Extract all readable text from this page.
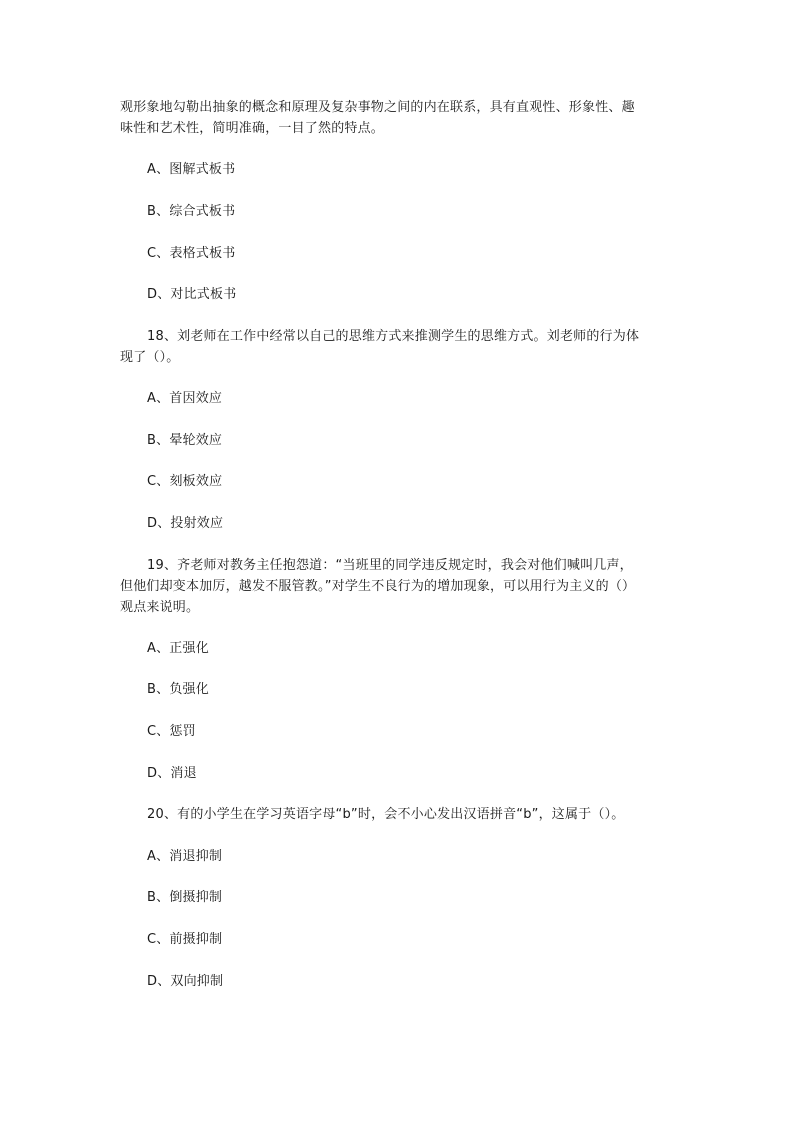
观形象地勾勒出抽象的概念和原理及复杂事物之间的内在联系，具有直观性、形象性、趣
味性和艺术性，简明准确，一目了然的特点。
A、图解式板书
B、综合式板书
C、表格式板书
D、对比式板书
18、刘老师在工作中经常以自己的思维方式来推测学生的思维方式。刘老师的行为体
现了（）。
A、首因效应
B、晕轮效应
C、刻板效应
D、投射效应
19、齐老师对教务主任抱怨道：“当班里的同学违反规定时，我会对他们喊叫几声，
但他们却变本加厉，越发不服管教。”对学生不良行为的增加现象，可以用行为主义的（）
观点来说明。
A、正强化
B、负强化
C、惩罚
D、消退
20、有的小学生在学习英语字母“b”时，会不小心发出汉语拼音“b”，这属于（）。
A、消退抑制
B、倒摄抑制
C、前摄抑制
D、双向抑制
